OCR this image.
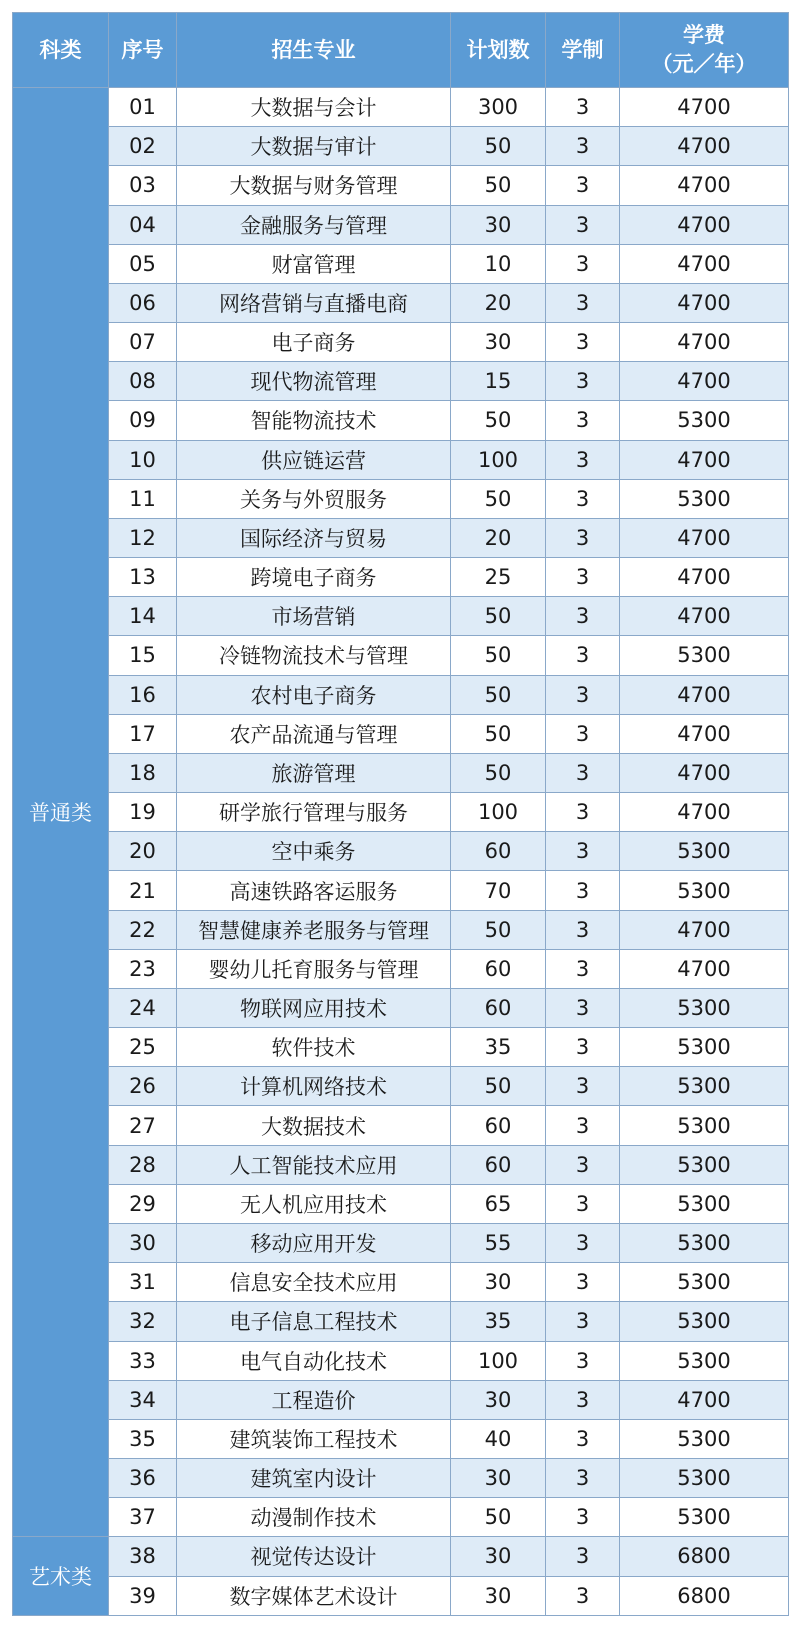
科类	序号	招生专业	计划数	学制	学费
（元／年）

普通类	01	大数据与会计	300	3	4700
	02	大数据与审计	50	3	4700
	03	大数据与财务管理	50	3	4700
	04	金融服务与管理	30	3	4700
	05	财富管理	10	3	4700
	06	网络营销与直播电商	20	3	4700
	07	电子商务	30	3	4700
	08	现代物流管理	15	3	4700
	09	智能物流技术	50	3	5300
	10	供应链运营	100	3	4700
	11	关务与外贸服务	50	3	5300
	12	国际经济与贸易	20	3	4700
	13	跨境电子商务	25	3	4700
	14	市场营销	50	3	4700
	15	冷链物流技术与管理	50	3	5300
	16	农村电子商务	50	3	4700
	17	农产品流通与管理	50	3	4700
	18	旅游管理	50	3	4700
	19	研学旅行管理与服务	100	3	4700
	20	空中乘务	60	3	5300
	21	高速铁路客运服务	70	3	5300
	22	智慧健康养老服务与管理	50	3	4700
	23	婴幼儿托育服务与管理	60	3	4700
	24	物联网应用技术	60	3	5300
	25	软件技术	35	3	5300
	26	计算机网络技术	50	3	5300
	27	大数据技术	60	3	5300
	28	人工智能技术应用	60	3	5300
	29	无人机应用技术	65	3	5300
	30	移动应用开发	55	3	5300
	31	信息安全技术应用	30	3	5300
	32	电子信息工程技术	35	3	5300
	33	电气自动化技术	100	3	5300
	34	工程造价	30	3	4700
	35	建筑装饰工程技术	40	3	5300
	36	建筑室内设计	30	3	5300
	37	动漫制作技术	50	3	5300
艺术类	38	视觉传达设计	30	3	6800
	39	数字媒体艺术设计	30	3	6800
